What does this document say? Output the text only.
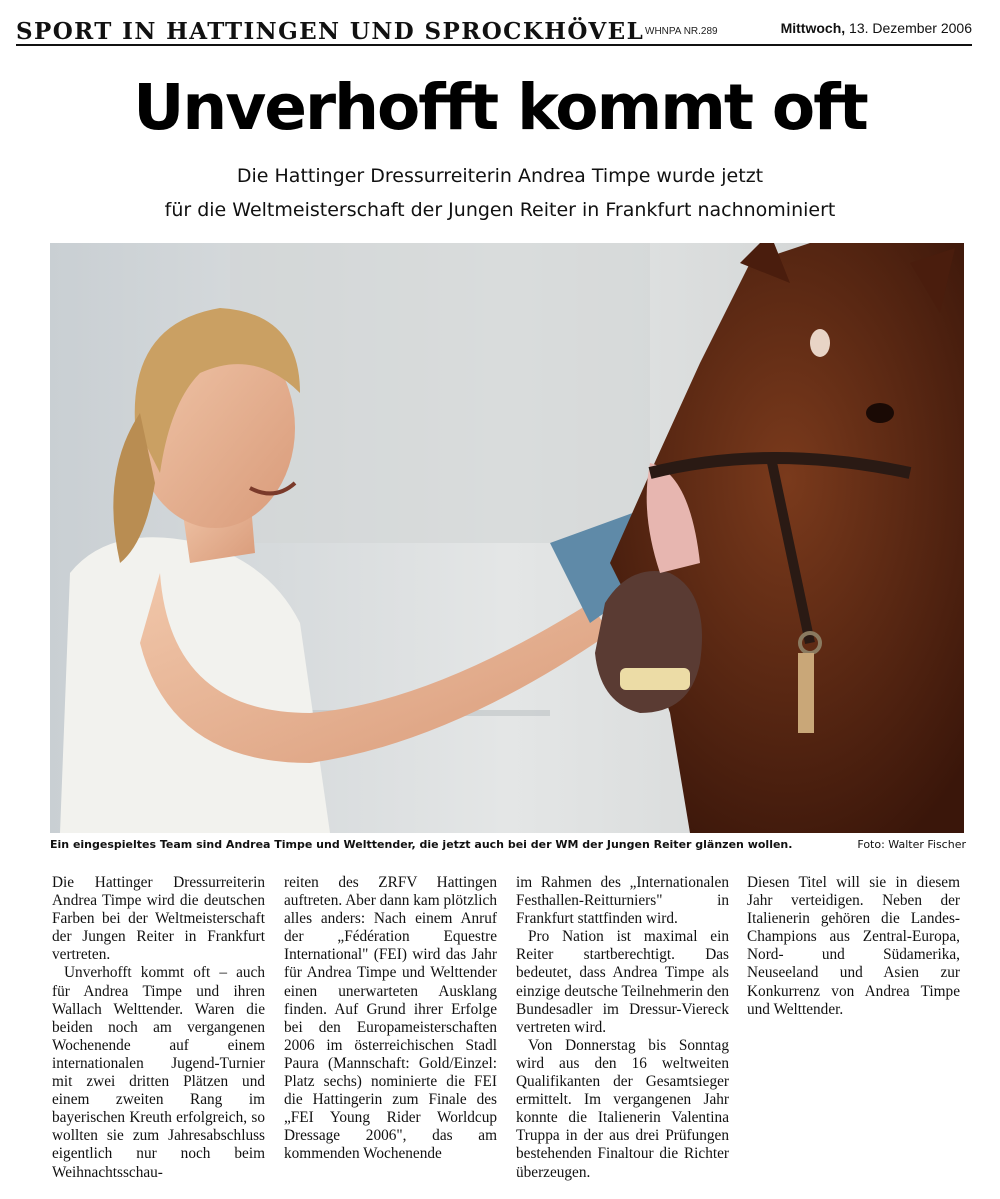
SPORT IN HATTINGEN UND SPROCKHÖVEL WHNPA NR.289	Mittwoch, 13. Dezember 2006
Unverhofft kommt oft
Die Hattinger Dressurreiterin Andrea Timpe wurde jetzt
für die Weltmeisterschaft der Jungen Reiter in Frankfurt nachnominiert
Ein eingespieltes Team sind Andrea Timpe und Welttender, die jetzt auch bei der WM der Jungen Reiter glänzen wollen.	Foto: Walter Fischer

Die Hattinger Dressurreiterin Andrea Timpe wird die deutschen Farben bei der Weltmeisterschaft der Jungen Reiter in Frankfurt vertreten.

Unverhofft kommt oft – auch für Andrea Timpe und ihren Wallach Welttender. Waren die beiden noch am vergangenen Wochenende auf einem internationalen Jugend-Turnier mit zwei dritten Plätzen und einem zweiten Rang im bayerischen Kreuth erfolgreich, so wollten sie zum Jahresabschluss eigentlich nur noch beim Weihnachtsschau-

reiten des ZRFV Hattingen auftreten. Aber dann kam plötzlich alles anders: Nach einem Anruf der „Fédération Equestre International" (FEI) wird das Jahr für Andrea Timpe und Welttender einen unerwarteten Ausklang finden. Auf Grund ihrer Erfolge bei den Europameisterschaften 2006 im österreichischen Stadl Paura (Mannschaft: Gold/Einzel: Platz sechs) nominierte die FEI die Hattingerin zum Finale des „FEI Young Rider Worldcup Dressage 2006", das am kommenden Wochenende

im Rahmen des „Internationalen Festhallen-Reitturniers" in Frankfurt stattfinden wird.

Pro Nation ist maximal ein Reiter startberechtigt. Das bedeutet, dass Andrea Timpe als einzige deutsche Teilnehmerin den Bundesadler im Dressur-Viereck vertreten wird.

Von Donnerstag bis Sonntag wird aus den 16 weltweiten Qualifikanten der Gesamtsieger ermittelt. Im vergangenen Jahr konnte die Italienerin Valentina Truppa in der aus drei Prüfungen bestehenden Finaltour die Richter überzeugen.

Diesen Titel will sie in diesem Jahr verteidigen. Neben der Italienerin gehören die Landes-Champions aus Zentral-Europa, Nord- und Südamerika, Neuseeland und Asien zur Konkurrenz von Andrea Timpe und Welttender.
